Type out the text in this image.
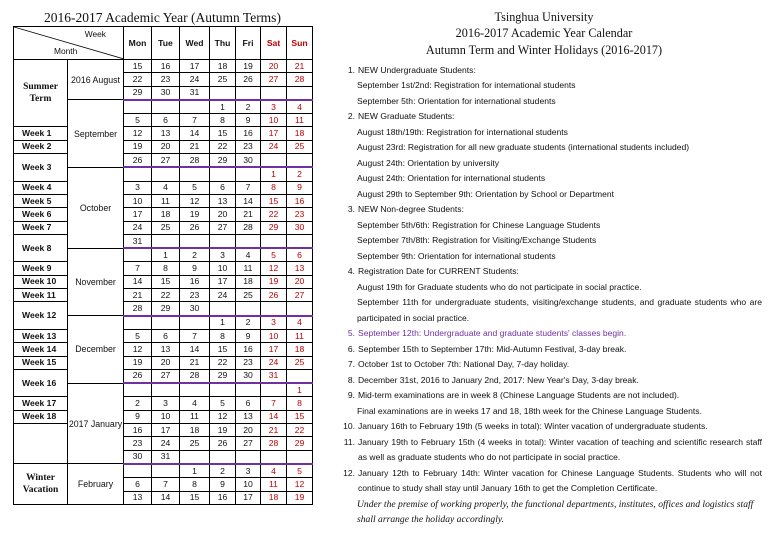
2016-2017 Academic Year (Autumn Terms)
Week
Month		Mon	Tue	Wed	Thu	Fri	Sat	Sun
Summer Term	2016 August	15	16	17	18	19	20	21
		22	23	24	25	26	27	28
		29	30	31				
	September				1	2	3	4
		5	6	7	8	9	10	11
Week 1		12	13	14	15	16	17	18
Week 2		19	20	21	22	23	24	25
Week 3		26	27	28	29	30		
	October						1	2
Week 4		3	4	5	6	7	8	9
Week 5		10	11	12	13	14	15	16
Week 6		17	18	19	20	21	22	23
Week 7		24	25	26	27	28	29	30
Week 8		31						
	November		1	2	3	4	5	6
Week 9		7	8	9	10	11	12	13
Week 10		14	15	16	17	18	19	20
Week 11		21	22	23	24	25	26	27
Week 12		28	29	30				
	December				1	2	3	4
Week 13		5	6	7	8	9	10	11
Week 14		12	13	14	15	16	17	18
Week 15		19	20	21	22	23	24	25
Week 16		26	27	28	29	30	31	
	2017 January							1
Week 17		2	3	4	5	6	7	8
Week 18		9	10	11	12	13	14	15
		16	17	18	19	20	21	22
		23	24	25	26	27	28	29
		30	31					
Winter Vacation	February			1	2	3	4	5
		6	7	8	9	10	11	12
		13	14	15	16	17	18	19
Tsinghua University
2016-2017 Academic Year Calendar
Autumn Term and Winter Holidays (2016-2017)
1. NEW Undergraduate Students:
September 1st/2nd: Registration for international students
September 5th: Orientation for international students
2. NEW Graduate Students:
August 18th/19th: Registration for international students
August 23rd: Registration for all new graduate students (international students included)
August 24th: Orientation by university
August 24th: Orientation for international students
August 29th to September 9th: Orientation by School or Department
3. NEW Non-degree Students:
September 5th/6th: Registration for Chinese Language Students
September 7th/8th: Registration for Visiting/Exchange Students
September 9th: Orientation for international students
4. Registration Date for CURRENT Students:
August 19th for Graduate students who do not participate in social practice.
September 11th for undergraduate students, visiting/exchange students, and graduate students who are participated in social practice.
5. September 12th: Undergraduate and graduate students' classes begin.
6. September 15th to September 17th: Mid-Autumn Festival, 3-day break.
7. October 1st to October 7th: National Day, 7-day holiday.
8. December 31st, 2016 to January 2nd, 2017: New Year's Day, 3-day break.
9. Mid-term examinations are in week 8 (Chinese Language Students are not included).
Final examinations are in weeks 17 and 18, 18th week for the Chinese Language Students.
10. January 16th to February 19th (5 weeks in total): Winter vacation of undergraduate students.
11. January 19th to February 15th (4 weeks in total): Winter vacation of teaching and scientific research staff as well as graduate students who do not participate in social practice.
12. January 12th to February 14th: Winter vacation for Chinese Language Students. Students who will not continue to study shall stay until January 16th to get the Completion Certificate.
Under the premise of working properly, the functional departments, institutes, offices and logistics staff shall arrange the holiday accordingly.
